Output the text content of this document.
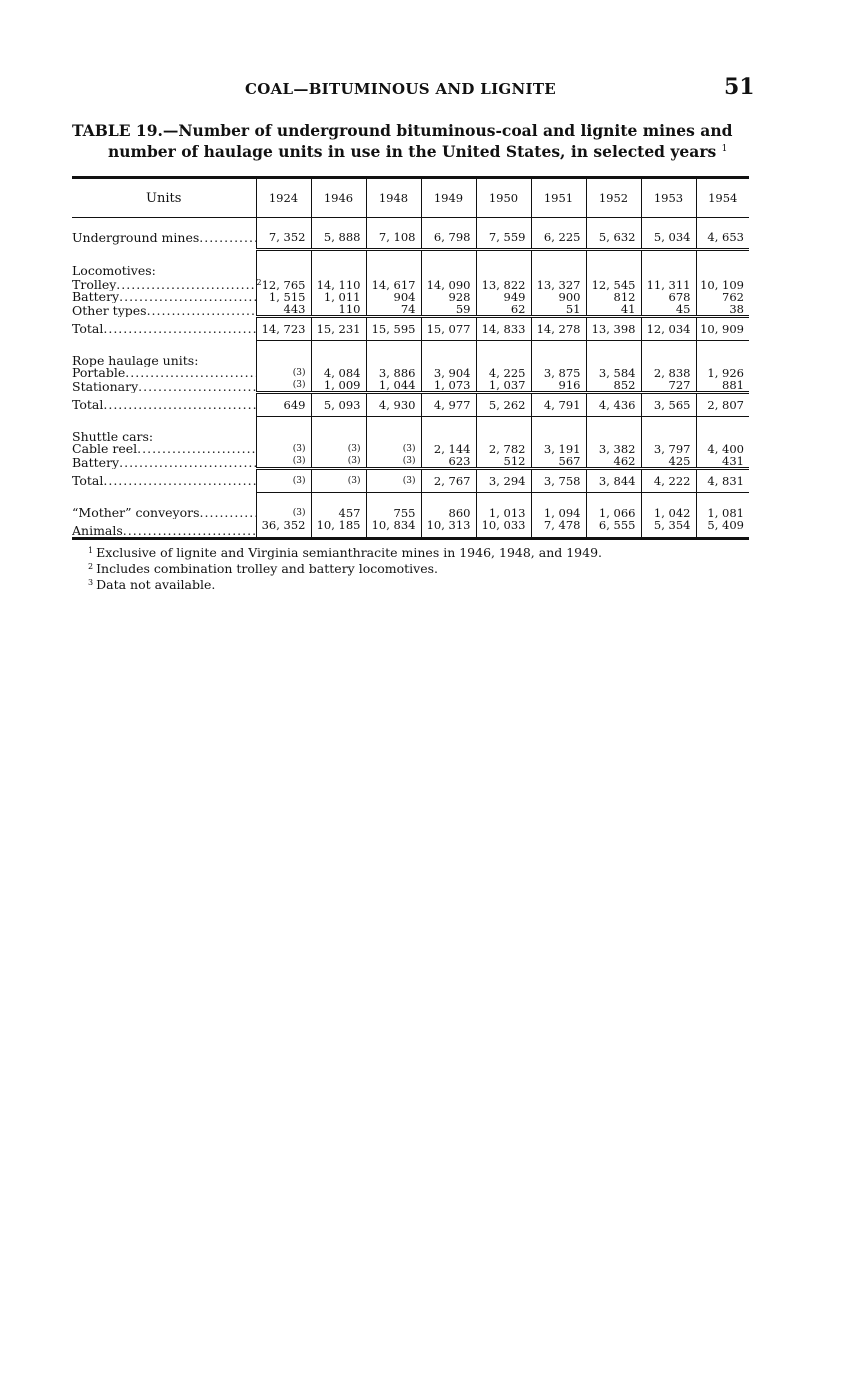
COAL—BITUMINOUS AND LIGNITE	51
TABLE 19.—Number of underground bituminous-coal and lignite mines and
number of haulage units in use in the United States, in selected years $^1$
Units	1924	1946	1948	1949	1950	1951	1952	1953	1954

Underground mines .....	7, 352	5, 888	7, 108	6, 798	7, 559	6, 225	5, 632	5, 034	4, 653

Locomotives:									
Trolley .....	$^2$12, 765	14, 110	14, 617	14, 090	13, 822	13, 327	12, 545	11, 311	10, 109
Battery .....	1, 515	1, 011	904	928	949	900	812	678	762
Other types .....	443	110	74	59	62	51	41	45	38
Total .....	14, 723	15, 231	15, 595	15, 077	14, 833	14, 278	13, 398	12, 034	10, 909

Rope haulage units:									
Portable .....	(3)	4, 084	3, 886	3, 904	4, 225	3, 875	3, 584	2, 838	1, 926
Stationary .....	(3)	1, 009	1, 044	1, 073	1, 037	916	852	727	881
Total .....	649	5, 093	4, 930	4, 977	5, 262	4, 791	4, 436	3, 565	2, 807

Shuttle cars:									
Cable reel .....	(3)	(3)	(3)	2, 144	2, 782	3, 191	3, 382	3, 797	4, 400
Battery .....	(3)	(3)	(3)	623	512	567	462	425	431
Total .....	(3)	(3)	(3)	2, 767	3, 294	3, 758	3, 844	4, 222	4, 831

“Mother” conveyors .....	(3)	457	755	860	1, 013	1, 094	1, 066	1, 042	1, 081
Animals .....	36, 352	10, 185	10, 834	10, 313	10, 033	7, 478	6, 555	5, 354	5, 409
$^1$ Exclusive of lignite and Virginia semianthracite mines in 1946, 1948, and 1949.
$^2$ Includes combination trolley and battery locomotives.
$^3$ Data not available.
